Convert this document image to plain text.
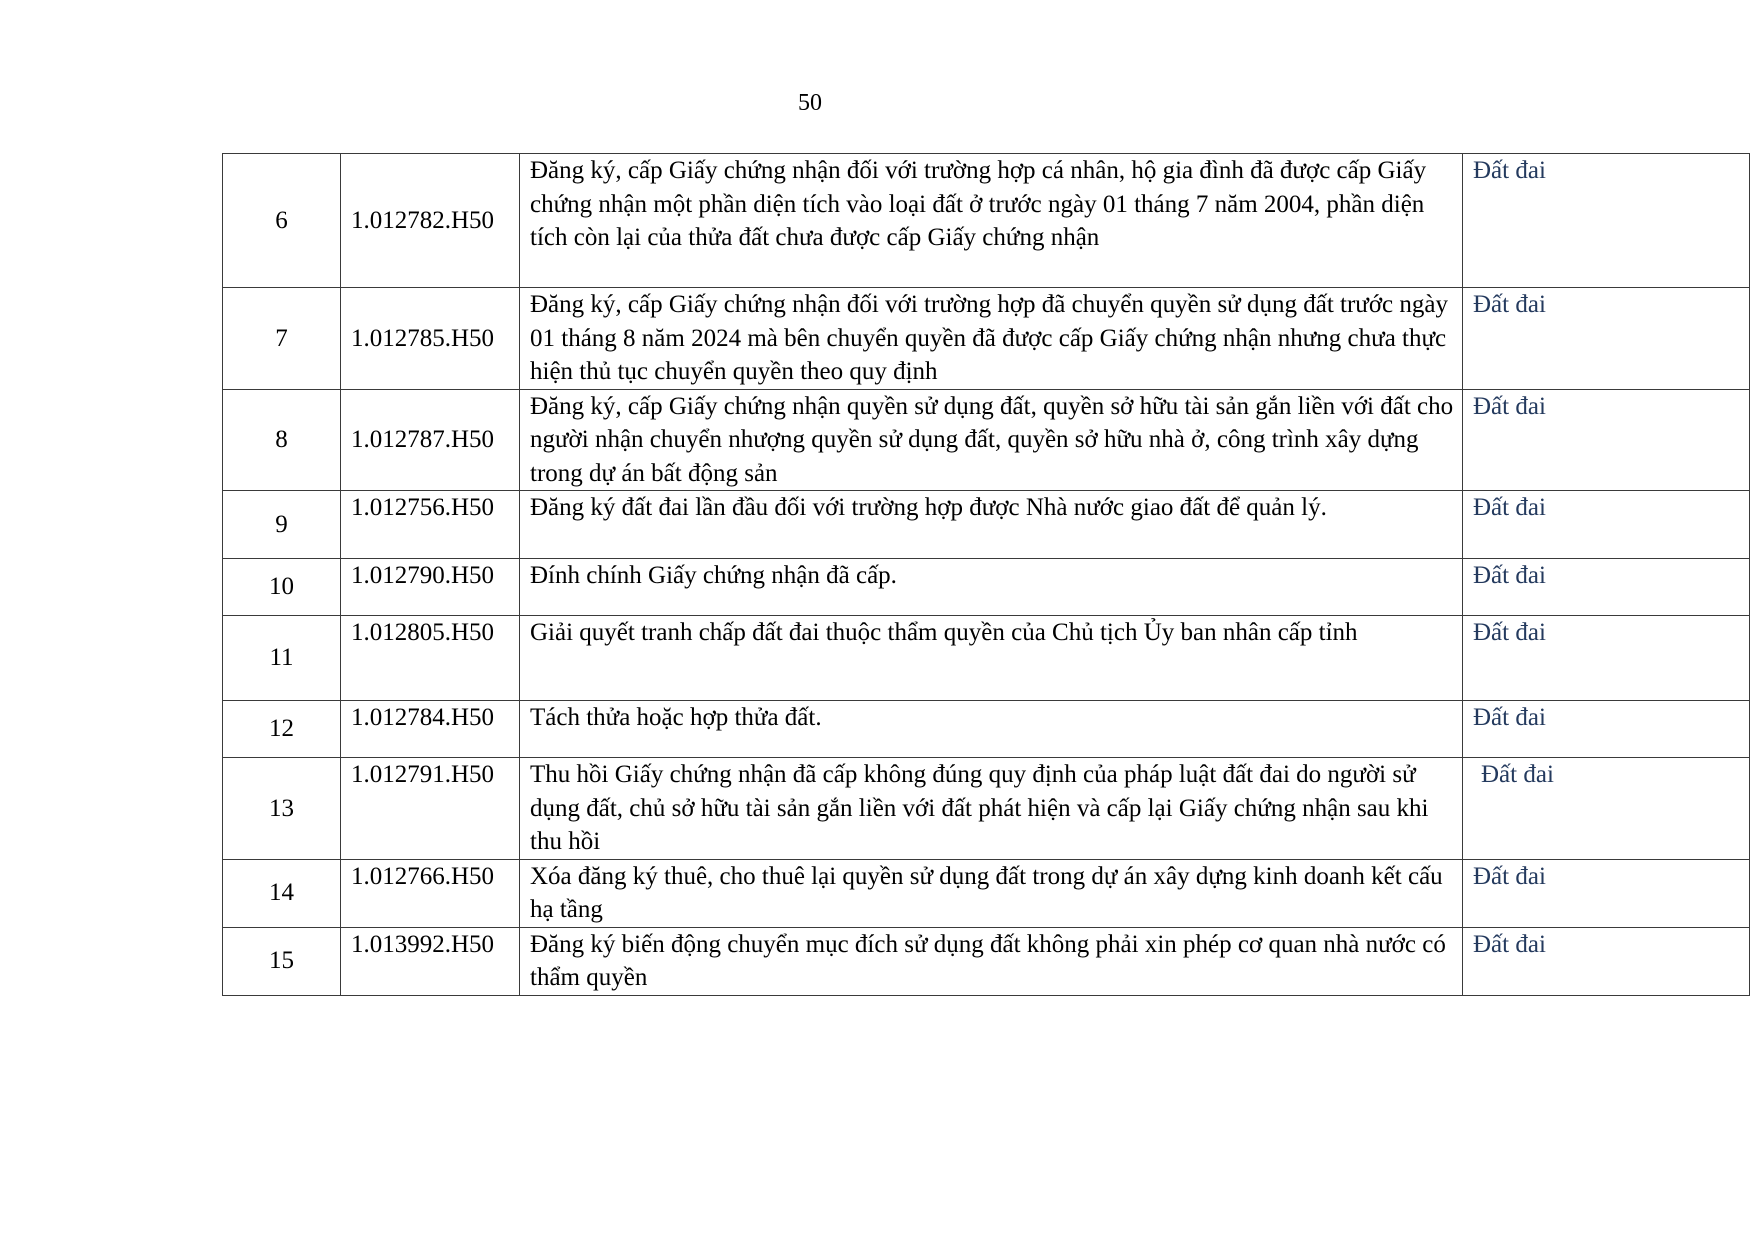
50
6	1.012782.H50	Đăng ký, cấp Giấy chứng nhận đối với trường hợp cá nhân, hộ gia đình đã được cấp Giấy chứng nhận một phần diện tích vào loại đất ở trước ngày 01 tháng 7 năm 2004, phần diện tích còn lại của thửa đất chưa được cấp Giấy chứng nhận	Đất đai
7	1.012785.H50	Đăng ký, cấp Giấy chứng nhận đối với trường hợp đã chuyển quyền sử dụng đất trước ngày 01 tháng 8 năm 2024 mà bên chuyển quyền đã được cấp Giấy chứng nhận nhưng chưa thực hiện thủ tục chuyển quyền theo quy định	Đất đai
8	1.012787.H50	Đăng ký, cấp Giấy chứng nhận quyền sử dụng đất, quyền sở hữu tài sản gắn liền với đất cho người nhận chuyển nhượng quyền sử dụng đất, quyền sở hữu nhà ở, công trình xây dựng trong dự án bất động sản	Đất đai
9	1.012756.H50	Đăng ký đất đai lần đầu đối với trường hợp được Nhà nước giao đất để quản lý.	Đất đai
10	1.012790.H50	Đính chính Giấy chứng nhận đã cấp.	Đất đai
11	1.012805.H50	Giải quyết tranh chấp đất đai thuộc thẩm quyền của Chủ tịch Ủy ban nhân cấp tỉnh	Đất đai
12	1.012784.H50	Tách thửa hoặc hợp thửa đất.	Đất đai
13	1.012791.H50	Thu hồi Giấy chứng nhận đã cấp không đúng quy định của pháp luật đất đai do người sử dụng đất, chủ sở hữu tài sản gắn liền với đất phát hiện và cấp lại Giấy chứng nhận sau khi thu hồi	Đất đai
14	1.012766.H50	Xóa đăng ký thuê, cho thuê lại quyền sử dụng đất trong dự án xây dựng kinh doanh kết cấu hạ tầng	Đất đai
15	1.013992.H50	Đăng ký biến động chuyển mục đích sử dụng đất không phải xin phép cơ quan nhà nước có thẩm quyền	Đất đai
